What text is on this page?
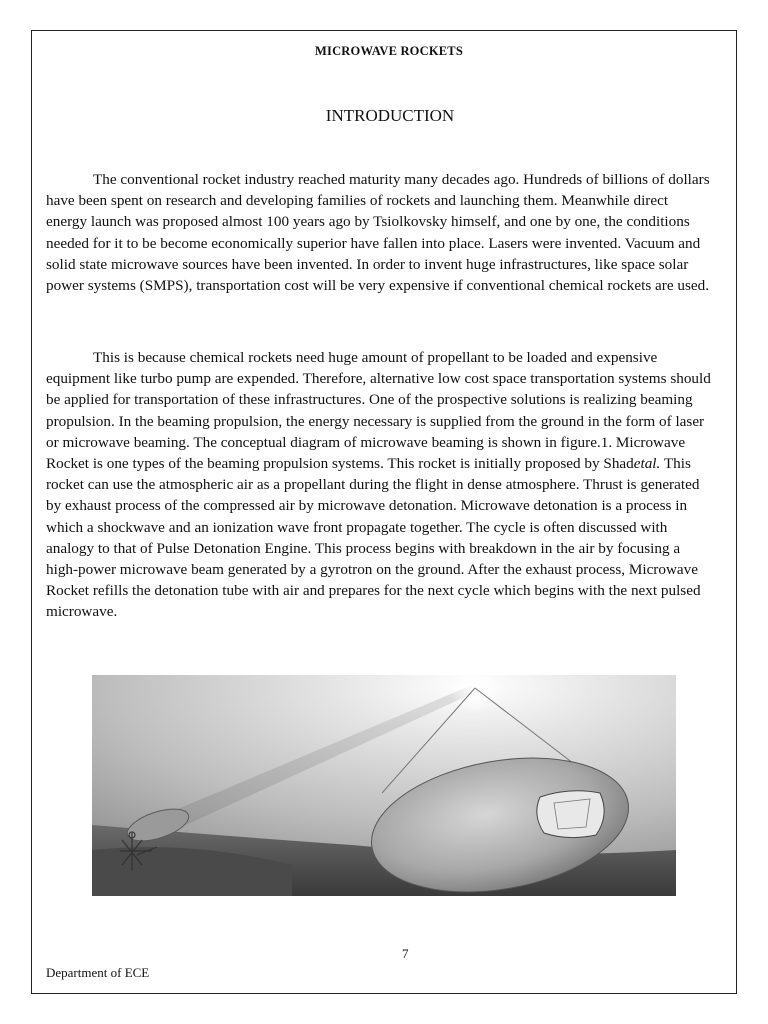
MICROWAVE ROCKETS
INTRODUCTION

The conventional rocket industry reached maturity many decades ago. Hundreds of billions of dollars have been spent on research and developing families of rockets and launching them. Meanwhile direct energy launch was proposed almost 100 years ago by Tsiolkovsky himself, and one by one, the conditions needed for it to be become economically superior have fallen into place. Lasers were invented. Vacuum and solid state microwave sources have been invented. In order to invent huge infrastructures, like space solar power systems (SMPS), transportation cost will be very expensive if conventional chemical rockets are used.

This is because chemical rockets need huge amount of propellant to be loaded and expensive equipment like turbo pump are expended. Therefore, alternative low cost space transportation systems should be applied for transportation of these infrastructures. One of the prospective solutions is realizing beaming propulsion. In the beaming propulsion, the energy necessary is supplied from the ground in the form of laser or microwave beaming. The conceptual diagram of microwave beaming is shown in figure.1. Microwave Rocket is one types of the beaming propulsion systems. This rocket is initially proposed by Shadetal. This rocket can use the atmospheric air as a propellant during the flight in dense atmosphere. Thrust is generated by exhaust process of the compressed air by microwave detonation. Microwave detonation is a process in which a shockwave and an ionization wave front propagate together. The cycle is often discussed with analogy to that of Pulse Detonation Engine. This process begins with breakdown in the air by focusing a high-power microwave beam generated by a gyrotron on the ground. After the exhaust process, Microwave Rocket refills the detonation tube with air and prepares for the next cycle which begins with the next pulsed microwave.

7
Department of ECE
